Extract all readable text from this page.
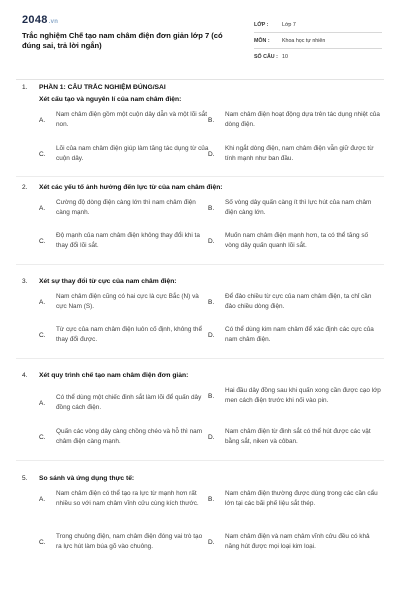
2048.vn
Trắc nghiệm Chế tạo nam châm điện đơn giản lớp 7 (có đúng sai, trả lời ngắn)
LỚP :	Lớp 7
MÔN :	Khoa học tự nhiên
SỐ CÂU : 10
1. PHẦN 1: CÂU TRẮC NGHIỆM ĐÚNG/SAI
Xét cấu tạo và nguyên lí của nam châm điện:
A.
Nam châm điện gồm một cuộn dây dẫn và một lõi sắt non.
B.
Nam châm điện hoạt động dựa trên tác dụng nhiệt của dòng điện.
C.
Lõi của nam châm điện giúp làm tăng tác dụng từ của cuộn dây.
D.
Khi ngắt dòng điện, nam châm điện vẫn giữ được từ tính mạnh như ban đầu.
2. Xét các yếu tố ảnh hưởng đến lực từ của nam châm điện:
A.
Cường độ dòng điện càng lớn thì nam châm điện càng mạnh.
B.
Số vòng dây quấn càng ít thì lực hút của nam châm điện càng lớn.
C.
Độ mạnh của nam châm điện không thay đổi khi ta thay đổi lõi sắt.
D.
Muốn nam châm điện mạnh hơn, ta có thể tăng số vòng dây quấn quanh lõi sắt.
3. Xét sự thay đổi từ cực của nam châm điện:
A.
Nam châm điện cũng có hai cực là cực Bắc (N) và cực Nam (S).
B.
Để đảo chiều từ cực của nam châm điện, ta chỉ cần đảo chiều dòng điện.
C.
Từ cực của nam châm điện luôn cố định, không thể thay đổi được.
D.
Có thể dùng kim nam châm để xác định các cực của nam châm điện.
4. Xét quy trình chế tạo nam châm điện đơn giản:
A.
Có thể dùng một chiếc đinh sắt làm lõi để quấn dây đồng cách điện.
B.
Hai đầu dây đồng sau khi quấn xong cần được cạo lớp men cách điện trước khi nối vào pin.
C.
Quấn các vòng dây càng chồng chéo và hỗ thì nam châm điện càng mạnh.
D.
Nam châm điện từ đinh sắt có thể hút được các vật bằng sắt, niken và côban.
5. So sánh và ứng dụng thực tế:
A.
Nam châm điện có thể tạo ra lực từ mạnh hơn rất nhiều so với nam châm vĩnh cửu cùng kích thước.
B.
Nam châm điện thường được dùng trong các cần cẩu lớn tại các bãi phế liệu sắt thép.
C.
Trong chuông điện, nam châm điện đóng vai trò tạo ra lực hút làm búa gõ vào chuông.
D.
Nam châm điện và nam châm vĩnh cửu đều có khả năng hút được mọi loại kim loại.
